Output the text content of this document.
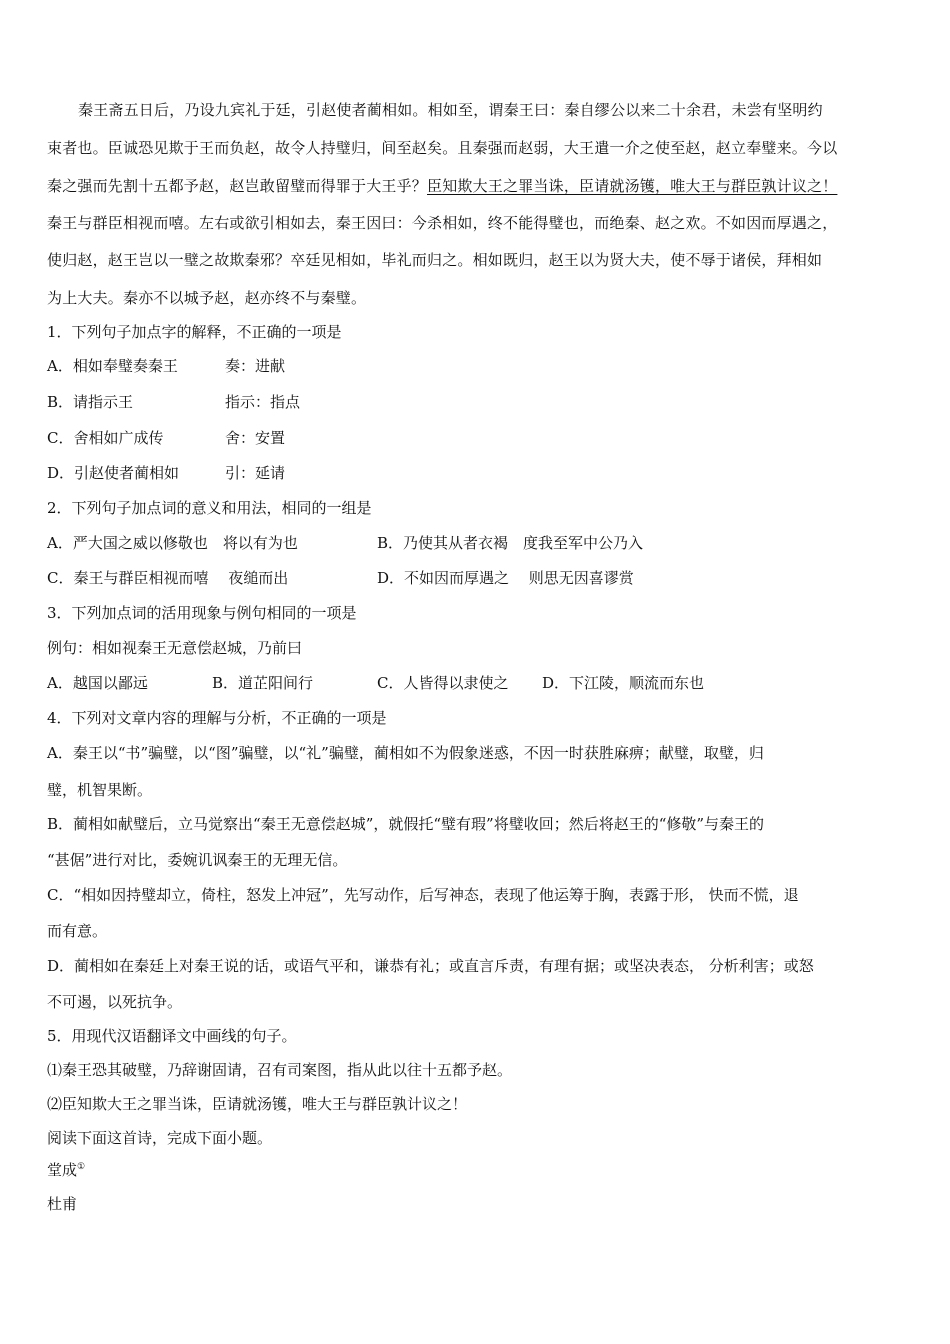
秦王斋五日后，乃设九宾礼于廷，引赵使者蔺相如。相如至，谓秦王曰：秦自缪公以来二十余君，未尝有坚明约
束者也。臣诚恐见欺于王而负赵，故令人持璧归，间至赵矣。且秦强而赵弱，大王遣一介之使至赵，赵立奉璧来。今以
秦之强而先割十五都予赵，赵岂敢留璧而得罪于大王乎？臣知欺大王之罪当诛，臣请就汤镬，唯大王与群臣孰计议之！
秦王与群臣相视而嘻。左右或欲引相如去，秦王因曰：今杀相如，终不能得璧也，而绝秦、赵之欢。不如因而厚遇之，
使归赵，赵王岂以一璧之故欺秦邪？卒廷见相如，毕礼而归之。相如既归，赵王以为贤大夫，使不辱于诸侯，拜相如
为上大夫。秦亦不以城予赵，赵亦终不与秦璧。
1．下列句子加点字的解释，不正确的一项是
A．相如奉璧奏秦王	奏：进献
B．请指示王	指示：指点
C．舍相如广成传	舍：安置
D．引赵使者蔺相如	引：延请
2．下列句子加点词的意义和用法，相同的一组是
A．严大国之威以修敬也　将以有为也	B．乃使其从者衣褐　度我至军中公乃入
C．秦王与群臣相视而嘻　 夜缒而出	D．不如因而厚遇之　 则思无因喜谬赏
3．下列加点词的活用现象与例句相同的一项是
例句：相如视秦王无意偿赵城，乃前曰
A．越国以鄙远	B．道芷阳间行	C．人皆得以隶使之 D．下江陵，顺流而东也
4．下列对文章内容的理解与分析，不正确的一项是
A．秦王以“书”骗璧，以“图”骗璧，以“礼”骗璧，蔺相如不为假象迷惑，不因一时获胜麻痹；献璧，取璧，归
璧，机智果断。
B．蔺相如献璧后，立马觉察出“秦王无意偿赵城”，就假托“璧有瑕”将璧收回；然后将赵王的“修敬”与秦王的
“甚倨”进行对比，委婉讥讽秦王的无理无信。
C．“相如因持璧却立，倚柱，怒发上冲冠”，先写动作，后写神态，表现了他运筹于胸，表露于形， 快而不慌，退
而有意。
D．蔺相如在秦廷上对秦王说的话，或语气平和，谦恭有礼；或直言斥责，有理有据；或坚决表态， 分析利害；或怒
不可遏，以死抗争。
5．用现代汉语翻译文中画线的句子。
⑴秦王恐其破璧，乃辞谢固请，召有司案图，指从此以往十五都予赵。
⑵臣知欺大王之罪当诛，臣请就汤镬，唯大王与群臣孰计议之！
阅读下面这首诗，完成下面小题。
堂成①
杜甫
